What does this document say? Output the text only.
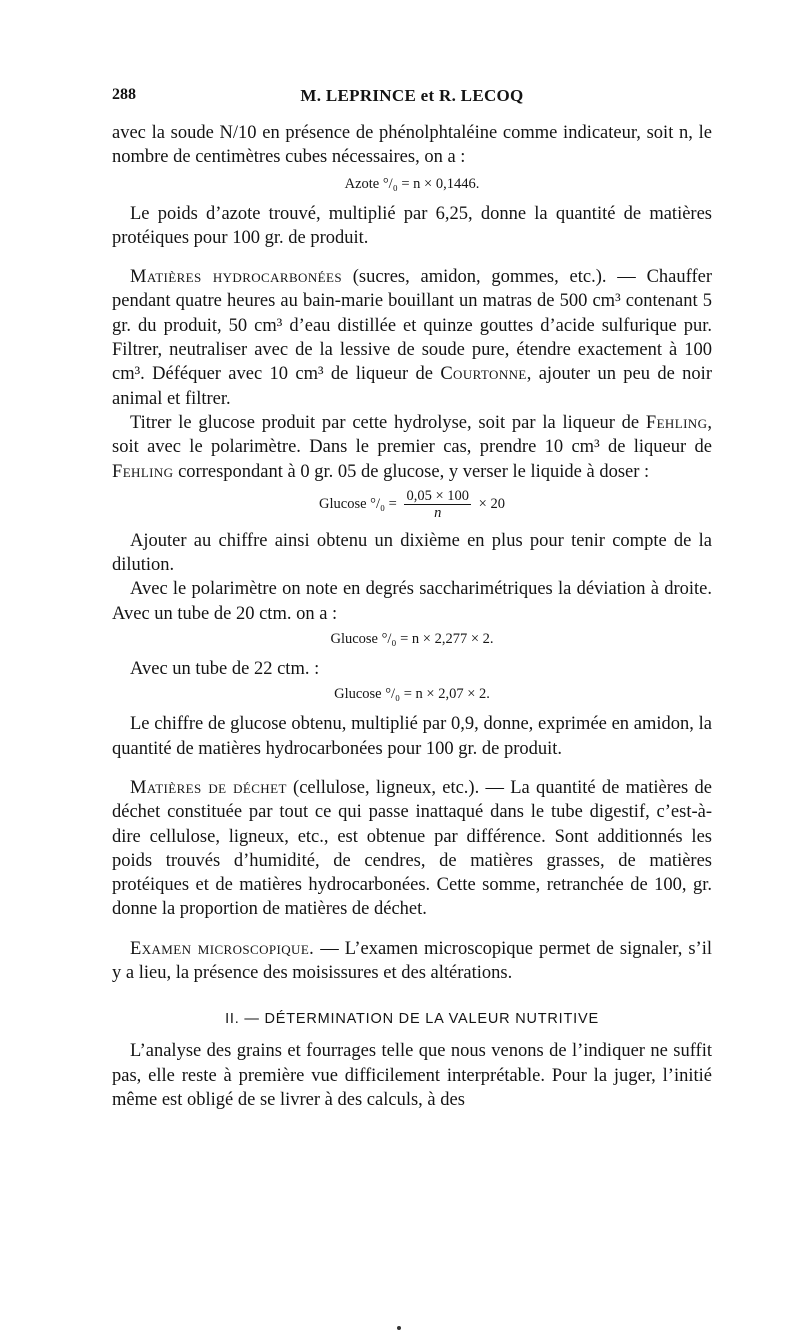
288	M. LEPRINCE et R. LECOQ

avec la soude N/10 en présence de phénolphtaléine comme indicateur, soit n, le nombre de centimètres cubes nécessaires, on a :

Azote °/₀ = n × 0,1446.

Le poids d’azote trouvé, multiplié par 6,25, donne la quantité de matières protéiques pour 100 gr. de produit.

Matières hydrocarbonées (sucres, amidon, gommes, etc.). — Chauffer pendant quatre heures au bain-marie bouillant un matras de 500 cm³ contenant 5 gr. du produit, 50 cm³ d’eau distillée et quinze gouttes d’acide sulfurique pur. Filtrer, neutraliser avec de la lessive de soude pure, étendre exactement à 100 cm³. Déféquer avec 10 cm³ de liqueur de Courtonne, ajouter un peu de noir animal et filtrer.

Titrer le glucose produit par cette hydrolyse, soit par la liqueur de Fehling, soit avec le polarimètre. Dans le premier cas, prendre 10 cm³ de liqueur de Fehling correspondant à 0 gr. 05 de glucose, y verser le liquide à doser :

Glucose $^\circ/_0 = \frac{0,05 \times 100}{n} \times 20$

Ajouter au chiffre ainsi obtenu un dixième en plus pour tenir compte de la dilution.

Avec le polarimètre on note en degrés saccharimétriques la déviation à droite. Avec un tube de 20 ctm. on a :

Glucose °/₀ = n × 2,277 × 2.

Avec un tube de 22 ctm. :

Glucose °/₀ = n × 2,07 × 2.

Le chiffre de glucose obtenu, multiplié par 0,9, donne, exprimée en amidon, la quantité de matières hydrocarbonées pour 100 gr. de produit.

Matières de déchet (cellulose, ligneux, etc.). — La quantité de matières de déchet constituée par tout ce qui passe inattaqué dans le tube digestif, c’est-à-dire cellulose, ligneux, etc., est obtenue par différence. Sont additionnés les poids trouvés d’humidité, de cendres, de matières grasses, de matières protéiques et de matières hydrocarbonées. Cette somme, retranchée de 100, gr. donne la proportion de matières de déchet.

Examen microscopique. — L’examen microscopique permet de signaler, s’il y a lieu, la présence des moisissures et des altérations.

II. — DÉTERMINATION DE LA VALEUR NUTRITIVE

L’analyse des grains et fourrages telle que nous venons de l’indiquer ne suffit pas, elle reste à première vue difficilement interprétable. Pour la juger, l’initié même est obligé de se livrer à des calculs, à des
